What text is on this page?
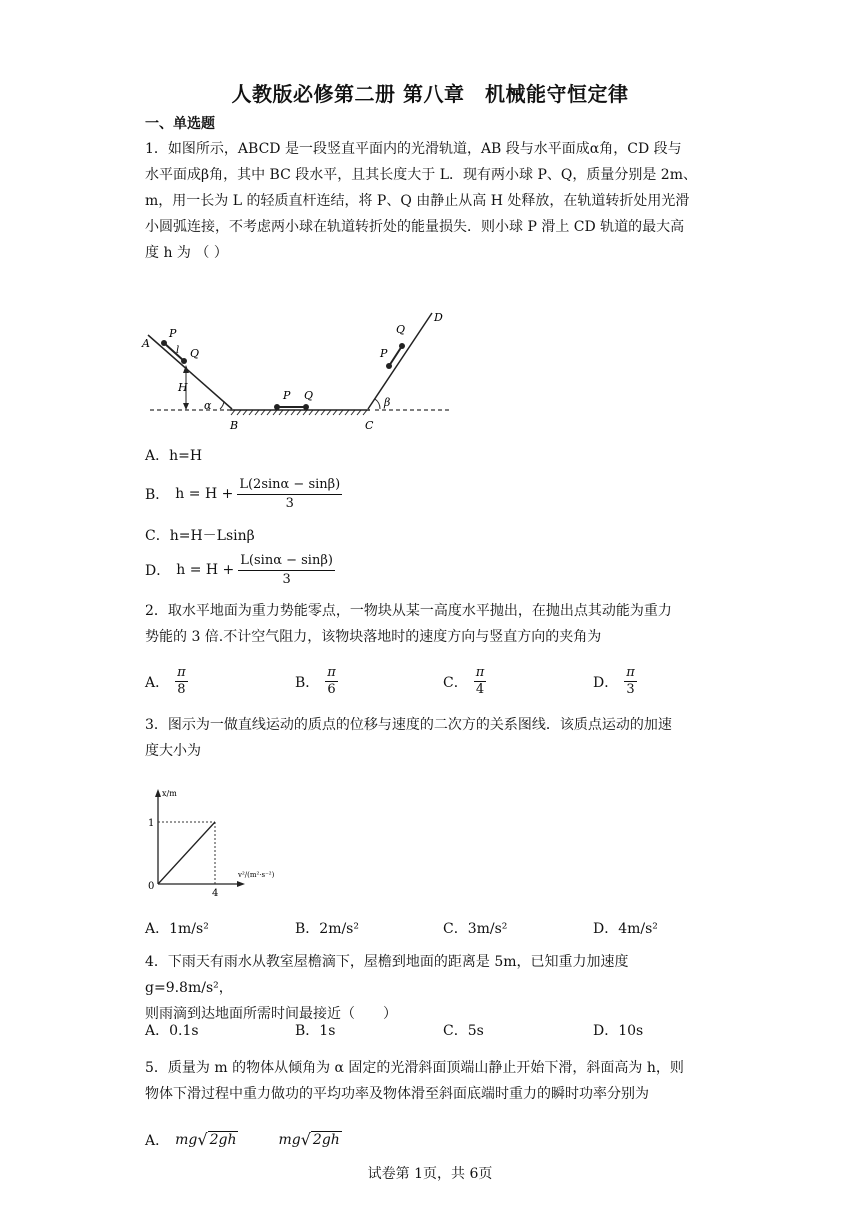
人教版必修第二册 第八章　机械能守恒定律
一、单选题
1．如图所示，ABCD 是一段竖直平面内的光滑轨道，AB 段与水平面成α角，CD 段与
水平面成β角，其中 BC 段水平，且其长度大于 L．现有两小球 P、Q，质量分别是 2m、
m，用一长为 L 的轻质直杆连结，将 P、Q 由静止从高 H 处释放，在轨道转折处用光滑
小圆弧连接，不考虑两小球在轨道转折处的能量损失．则小球 P 滑上 CD 轨道的最大高
度 h 为 （ ）
A
P
l Q
H
α
B
P Q
C
β
P
Q
D
A．h=H
B． $h = H + \frac{L(2\sin\alpha - \sin\beta)}{3}$
C．h=H－Lsinβ
D． $h = H + \frac{L(\sin\alpha - \sin\beta)}{3}$
2．取水平地面为重力势能零点，一物块从某一高度水平抛出，在抛出点其动能为重力
势能的 3 倍.不计空气阻力，该物块落地时的速度方向与竖直方向的夹角为
A． $\frac{\pi}{8}$	B． $\frac{\pi}{6}$	C． $\frac{\pi}{4}$	D． $\frac{\pi}{3}$
3．图示为一做直线运动的质点的位移与速度的二次方的关系图线．该质点运动的加速
度大小为
x/m
1
0
4
v²/(m²·s⁻²)
A．1m/s²	B．2m/s²	C．3m/s²	D．4m/s²
4．下雨天有雨水从教室屋檐滴下，屋檐到地面的距离是 5m，已知重力加速度 g=9.8m/s²，
则雨滴到达地面所需时间最接近（　　）
A．0.1s	B．1s	C．5s	D．10s
5．质量为 m 的物体从倾角为 α 固定的光滑斜面顶端山静止开始下滑，斜面高为 h，则
物体下滑过程中重力做功的平均功率及物体滑至斜面底端时重力的瞬时功率分别为
A． mg √ 2gh	mg √ 2gh
试卷第 1页，共 6页
